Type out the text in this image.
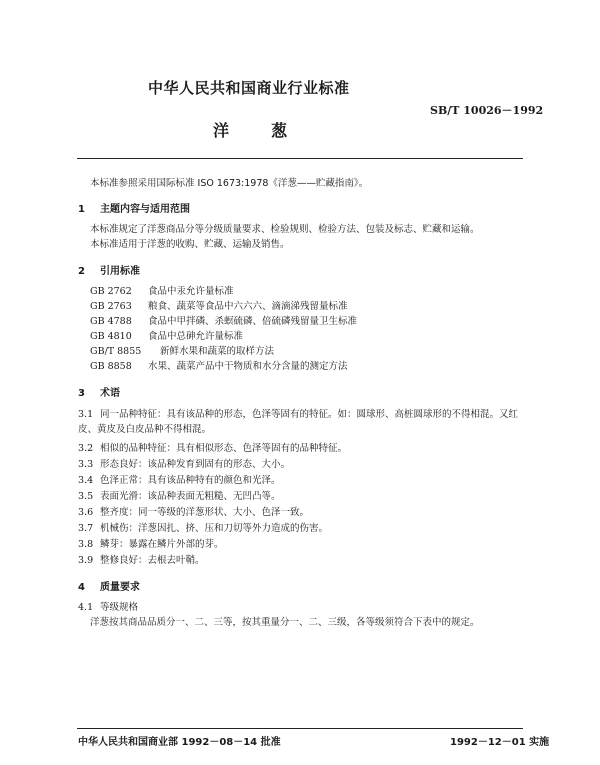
中华人民共和国商业行业标准
SB/T 10026－1992
洋	葱
本标准参照采用国际标准 ISO 1673:1978《洋葱——贮藏指南》。
1 主题内容与适用范围
本标准规定了洋葱商品分等分级质量要求、检验规则、检验方法、包装及标志、贮藏和运输。
本标准适用于洋葱的收购、贮藏、运输及销售。
2 引用标准
GB 2762 食品中汞允许量标准
GB 2763 粮食、蔬菜等食品中六六六、滴滴涕残留量标准
GB 4788 食品中甲拌磷、杀螟硫磷、倍硫磷残留量卫生标准
GB 4810 食品中总砷允许量标准
GB/T 8855 新鲜水果和蔬菜的取样方法
GB 8858 水果、蔬菜产品中干物质和水分含量的测定方法
3 术语
3.1 同一品种特征：具有该品种的形态，色泽等固有的特征。如：圆球形、高桩圆球形的不得相混。又红
皮、黄皮及白皮品种不得相混。
3.2 相似的品种特征：具有相似形态、色泽等固有的品种特征。
3.3 形态良好：该品种发育到固有的形态、大小。
3.4 色泽正常：具有该品种特有的颜色和光泽。
3.5 表面光滑：该品种表面无粗糙、无凹凸等。
3.6 整齐度：同一等级的洋葱形状、大小、色泽一致。
3.7 机械伤：洋葱因扎、挤、压和刀切等外力造成的伤害。
3.8 鳞芽：暴露在鳞片外部的芽。
3.9 整修良好：去根去叶鞘。
4 质量要求
4.1 等级规格
洋葱按其商品品质分一、二、三等，按其重量分一、二、三级，各等级须符合下表中的规定。
中华人民共和国商业部 1992－08－14 批准	1992－12－01 实施
